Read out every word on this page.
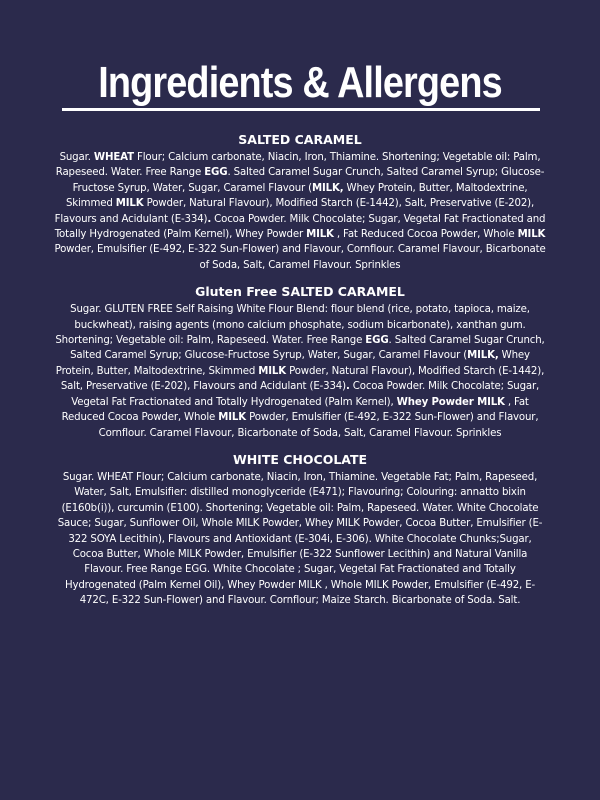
Ingredients & Allergens
SALTED CARAMEL

Sugar. WHEAT Flour; Calcium carbonate, Niacin, Iron, Thiamine. Shortening; Vegetable oil: Palm, Rapeseed. Water. Free Range EGG. Salted Caramel Sugar Crunch, Salted Caramel Syrup; Glucose-Fructose Syrup, Water, Sugar, Caramel Flavour (MILK, Whey Protein, Butter, Maltodextrine, Skimmed MILK Powder, Natural Flavour), Modified Starch (E-1442), Salt, Preservative (E-202), Flavours and Acidulant (E-334). Cocoa Powder. Milk Chocolate; Sugar, Vegetal Fat Fractionated and Totally Hydrogenated (Palm Kernel), Whey Powder MILK , Fat Reduced Cocoa Powder, Whole MILK Powder, Emulsifier (E-492, E-322 Sun-Flower) and Flavour, Cornflour. Caramel Flavour, Bicarbonate of Soda, Salt, Caramel Flavour. Sprinkles

Gluten Free SALTED CARAMEL

Sugar. GLUTEN FREE Self Raising White Flour Blend: flour blend (rice, potato, tapioca, maize, buckwheat), raising agents (mono calcium phosphate, sodium bicarbonate), xanthan gum. Shortening; Vegetable oil: Palm, Rapeseed. Water. Free Range EGG. Salted Caramel Sugar Crunch, Salted Caramel Syrup; Glucose-Fructose Syrup, Water, Sugar, Caramel Flavour (MILK, Whey Protein, Butter, Maltodextrine, Skimmed MILK Powder, Natural Flavour), Modified Starch (E-1442), Salt, Preservative (E-202), Flavours and Acidulant (E-334). Cocoa Powder. Milk Chocolate; Sugar, Vegetal Fat Fractionated and Totally Hydrogenated (Palm Kernel), Whey Powder MILK , Fat Reduced Cocoa Powder, Whole MILK Powder, Emulsifier (E-492, E-322 Sun-Flower) and Flavour, Cornflour. Caramel Flavour, Bicarbonate of Soda, Salt, Caramel Flavour. Sprinkles

WHITE CHOCOLATE

Sugar. WHEAT Flour; Calcium carbonate, Niacin, Iron, Thiamine. Vegetable Fat; Palm, Rapeseed, Water, Salt, Emulsifier: distilled monoglyceride (E471); Flavouring; Colouring: annatto bixin (E160b(i)), curcumin (E100). Shortening; Vegetable oil: Palm, Rapeseed. Water. White Chocolate Sauce; Sugar, Sunflower Oil, Whole MILK Powder, Whey MILK Powder, Cocoa Butter, Emulsifier (E-322 SOYA Lecithin), Flavours and Antioxidant (E-304i, E-306). White Chocolate Chunks;Sugar, Cocoa Butter, Whole MILK Powder, Emulsifier (E-322 Sunflower Lecithin) and Natural Vanilla Flavour. Free Range EGG. White Chocolate ; Sugar, Vegetal Fat Fractionated and Totally Hydrogenated (Palm Kernel Oil), Whey Powder MILK , Whole MILK Powder, Emulsifier (E-492, E-472C, E-322 Sun-Flower) and Flavour. Cornflour; Maize Starch. Bicarbonate of Soda. Salt.
